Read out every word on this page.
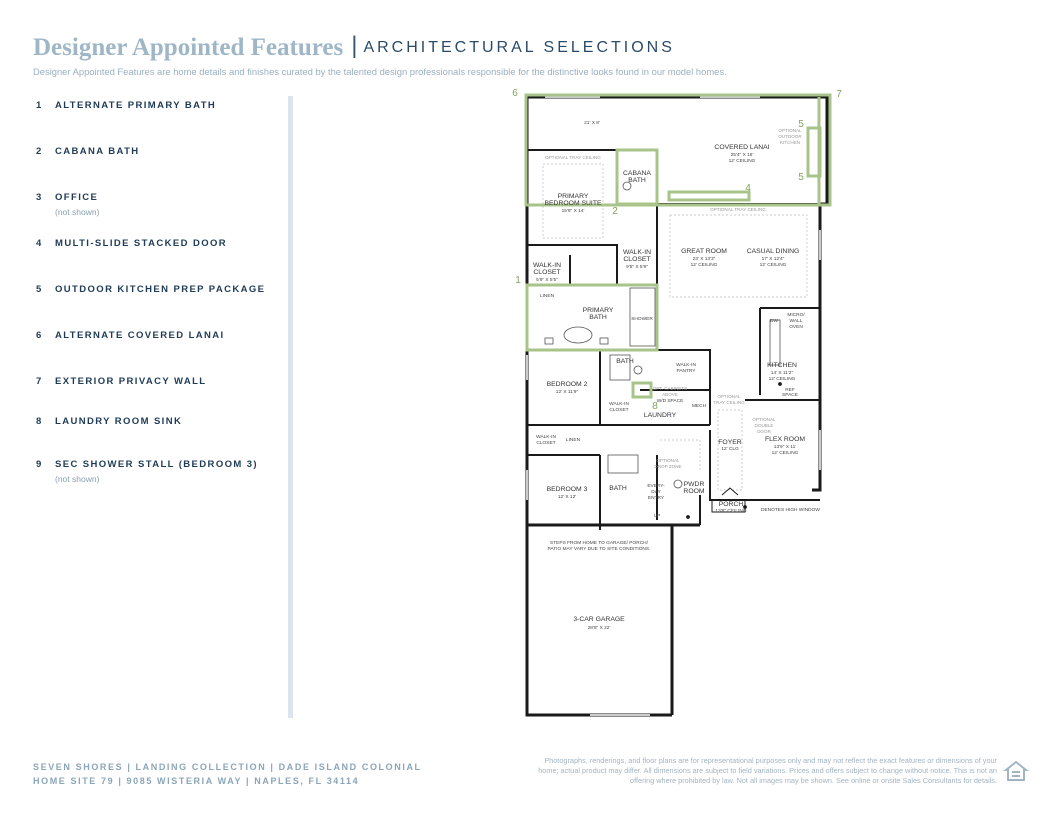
Designer Appointed Features | ARCHITECTURAL SELECTIONS
Designer Appointed Features are home details and finishes curated by the talented design professionals responsible for the distinctive looks found in our model homes.
1 ALTERNATE PRIMARY BATH
2 CABANA BATH
3 OFFICE
(not shown)
4 MULTI-SLIDE STACKED DOOR
5 OUTDOOR KITCHEN PREP PACKAGE
6 ALTERNATE COVERED LANAI
7 EXTERIOR PRIVACY WALL
8 LAUNDRY ROOM SINK
9 SEC SHOWER STALL (BEDROOM 3)
(not shown)
21' X 8'
COVERED LANAI
25'4" X 16'
12' CEILING
OPTIONAL
OUTDOOR
KITCHEN
CABANA
BATH
OPTIONAL TRAY CEILING
PRIMARY
BEDROOM SUITE
15'9" X 14'	OPTIONAL TRAY CEILING
WALK-IN
CLOSET
5'9" X 5'5"
WALK-IN
CLOSET
9'5" X 5'9"
LINEN
PRIMARY
BATH	SHOWER
GREAT ROOM
23' X 13'3"
12' CEILING
CASUAL DINING
17' X 12'4"
12' CEILING
DW
MICRO/
WALL
OVEN
KITCHEN
14' X 11'2"
12' CEILING
BATH
WALK-IN
PANTRY
BEDROOM 2
12' X 11'9"
WALK-IN
CLOSET
OPT. CABINETS
ABOVE
W/D SPACE
MECH
LAUNDRY
OPTIONAL
TRAY CEILING
REF
SPACE
OPTIONAL
DOUBLE
DOOR
WALK-IN
CLOSET
LINEN	FOYER
12' CLG
FLEX ROOM
13'9" X 11'
12' CEILING
OPTIONAL
DROP ZONE
BEDROOM 3
12' X 12'
BATH	EVERY-
DAY
ENTRY
PWDR
ROOM
UP
PORCH
13'8" CEILING	DENOTES HIGH WINDOW
STEPS FROM HOME TO GARAGE/ PORCH/
PATIO MAY VARY DUE TO SITE CONDITIONS.
3-CAR GARAGE
28'8" X 22'
1
2
4
5
5
6	7
8
SEVEN SHORES | LANDING COLLECTION | DADE ISLAND COLONIAL
HOME SITE 79 | 9085 WISTERIA WAY | NAPLES, FL 34114
Photographs, renderings, and floor plans are for representational purposes only and may not reflect the exact features or dimensions of your home; actual product may differ. All dimensions are subject to field variations. Prices and offers subject to change without notice. This is not an offering where prohibited by law. Not all images may be shown. See online or onsite Sales Consultants for details.
